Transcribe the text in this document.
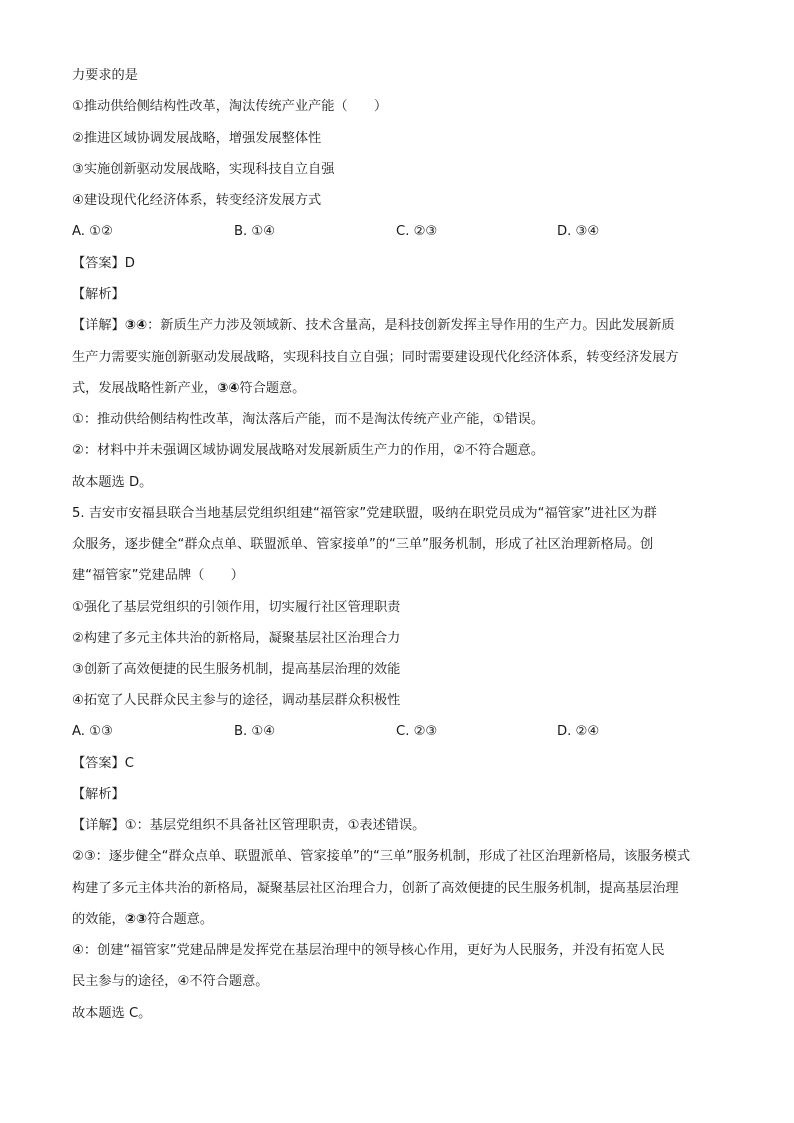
力要求的是
①推动供给侧结构性改革，淘汰传统产业产能（　　）
②推进区域协调发展战略，增强发展整体性
③实施创新驱动发展战略，实现科技自立自强
④建设现代化经济体系，转变经济发展方式
A. ①②	B. ①④	C. ②③	D. ③④
【答案】D
【解析】
【详解】③④：新质生产力涉及领域新、技术含量高，是科技创新发挥主导作用的生产力。因此发展新质
生产力需要实施创新驱动发展战略，实现科技自立自强；同时需要建设现代化经济体系，转变经济发展方
式，发展战略性新产业，③④符合题意。
①：推动供给侧结构性改革，淘汰落后产能，而不是淘汰传统产业产能，①错误。
②：材料中并未强调区域协调发展战略对发展新质生产力的作用，②不符合题意。
故本题选 D。
5. 吉安市安福县联合当地基层党组织组建“福管家”党建联盟，吸纳在职党员成为“福管家”进社区为群
众服务，逐步健全“群众点单、联盟派单、管家接单”的“三单”服务机制，形成了社区治理新格局。创
建“福管家”党建品牌（　　）
①强化了基层党组织的引领作用，切实履行社区管理职责
②构建了多元主体共治的新格局，凝聚基层社区治理合力
③创新了高效便捷的民生服务机制，提高基层治理的效能
④拓宽了人民群众民主参与的途径，调动基层群众积极性
A. ①③	B. ①④	C. ②③	D. ②④
【答案】C
【解析】
【详解】①：基层党组织不具备社区管理职责，①表述错误。
②③：逐步健全“群众点单、联盟派单、管家接单”的“三单”服务机制，形成了社区治理新格局，该服务模式
构建了多元主体共治的新格局，凝聚基层社区治理合力，创新了高效便捷的民生服务机制，提高基层治理
的效能，②③符合题意。
④：创建“福管家”党建品牌是发挥党在基层治理中的领导核心作用，更好为人民服务，并没有拓宽人民
民主参与的途径，④不符合题意。
故本题选 C。
